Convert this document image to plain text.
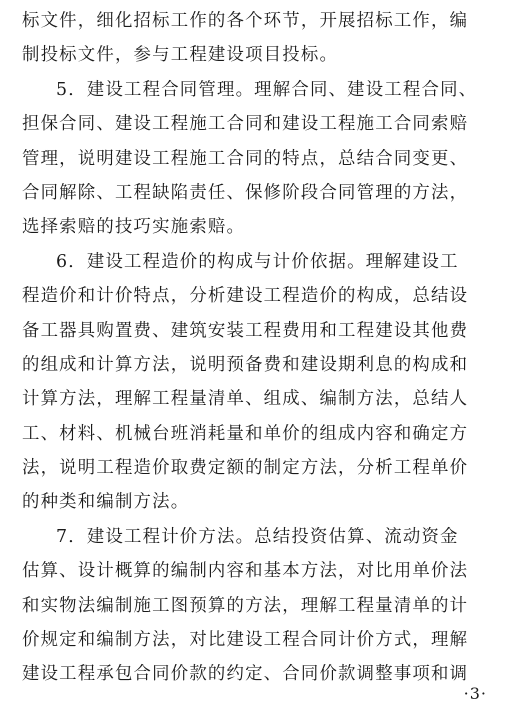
标文件，细化招标工作的各个环节，开展招标工作，编
制投标文件，参与工程建设项目投标。
5．建设工程合同管理。理解合同、建设工程合同、
担保合同、建设工程施工合同和建设工程施工合同索赔
管理，说明建设工程施工合同的特点，总结合同变更、
合同解除、工程缺陷责任、保修阶段合同管理的方法，
选择索赔的技巧实施索赔。
6．建设工程造价的构成与计价依据。理解建设工
程造价和计价特点，分析建设工程造价的构成，总结设
备工器具购置费、建筑安装工程费用和工程建设其他费
的组成和计算方法，说明预备费和建设期利息的构成和
计算方法，理解工程量清单、组成、编制方法，总结人
工、材料、机械台班消耗量和单价的组成内容和确定方
法，说明工程造价取费定额的制定方法，分析工程单价
的种类和编制方法。
7．建设工程计价方法。总结投资估算、流动资金
估算、设计概算的编制内容和基本方法，对比用单价法
和实物法编制施工图预算的方法，理解工程量清单的计
价规定和编制方法，对比建设工程合同计价方式，理解
建设工程承包合同价款的约定、合同价款调整事项和调
·3·
